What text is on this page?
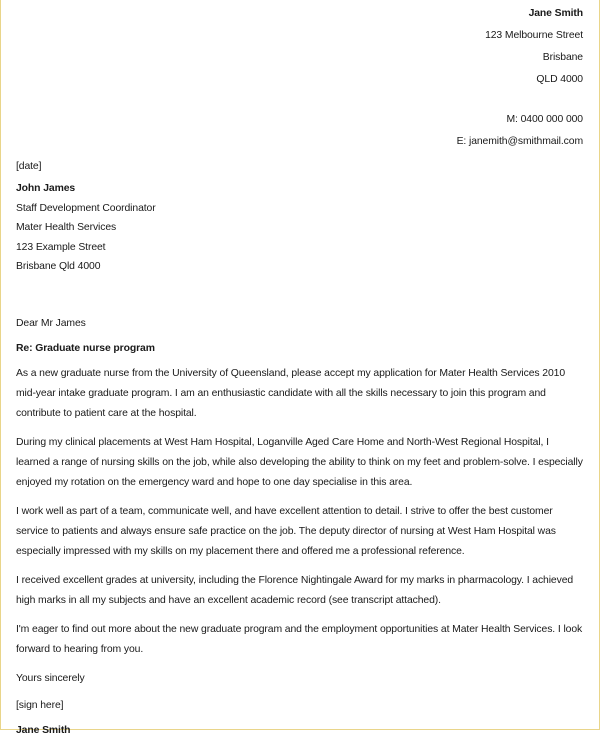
Jane Smith
123 Melbourne Street
Brisbane
QLD 4000
M: 0400 000 000
E: janemith@smithmail.com
[date]
John James
Staff Development Coordinator
Mater Health Services
123 Example Street
Brisbane Qld 4000
Dear Mr James
Re: Graduate nurse program

As a new graduate nurse from the University of Queensland, please accept my application for Mater Health Services 2010 mid-year intake graduate program. I am an enthusiastic candidate with all the skills necessary to join this program and contribute to patient care at the hospital.

During my clinical placements at West Ham Hospital, Loganville Aged Care Home and North-West Regional Hospital, I learned a range of nursing skills on the job, while also developing the ability to think on my feet and problem-solve. I especially enjoyed my rotation on the emergency ward and hope to one day specialise in this area.

I work well as part of a team, communicate well, and have excellent attention to detail. I strive to offer the best customer service to patients and always ensure safe practice on the job. The deputy director of nursing at West Ham Hospital was especially impressed with my skills on my placement there and offered me a professional reference.

I received excellent grades at university, including the Florence Nightingale Award for my marks in pharmacology. I achieved high marks in all my subjects and have an excellent academic record (see transcript attached).

I'm eager to find out more about the new graduate program and the employment opportunities at Mater Health Services. I look forward to hearing from you.

Yours sincerely
[sign here]
Jane Smith
